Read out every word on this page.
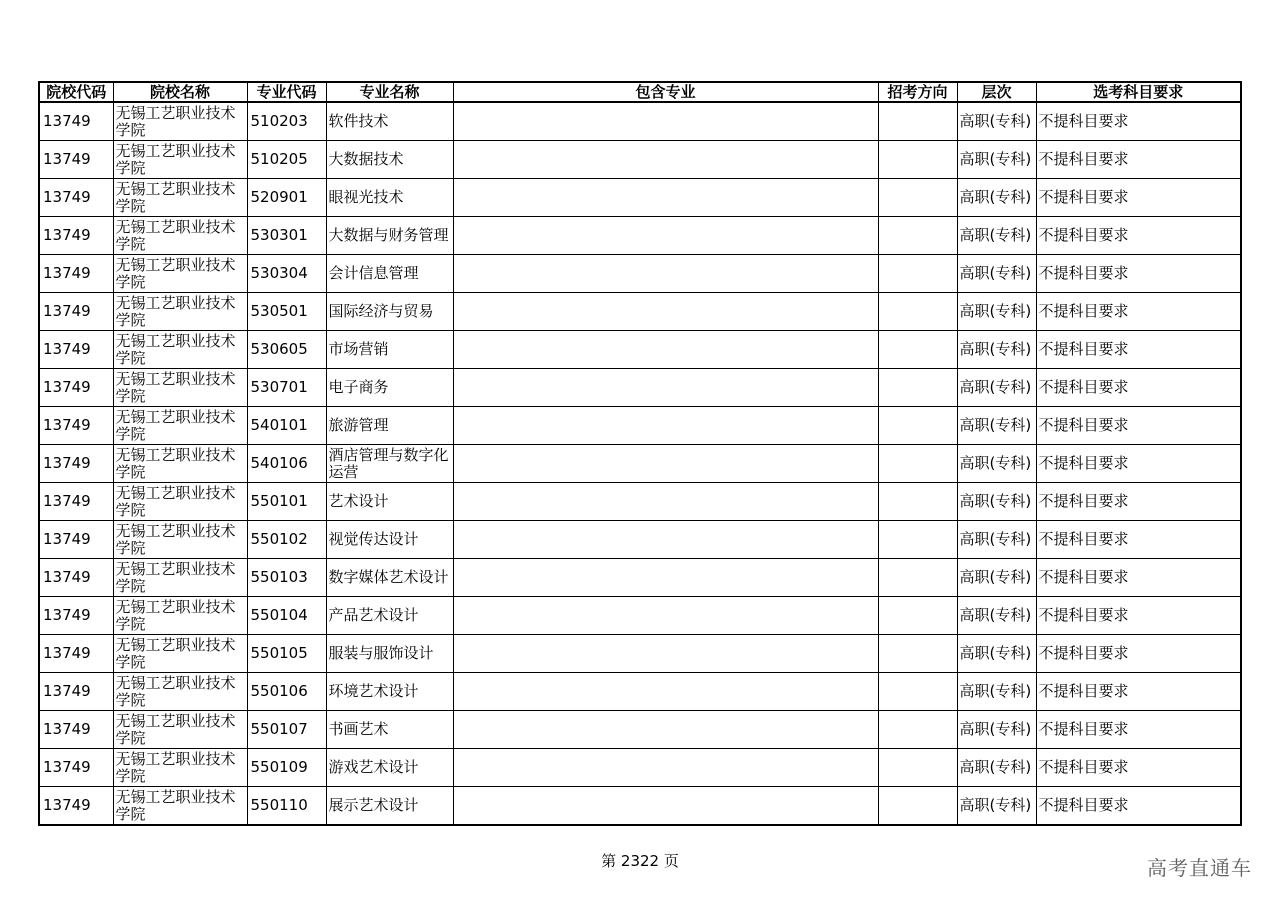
院校代码	院校名称	专业代码	专业名称	包含专业	招考方向	层次	选考科目要求
13749	无锡工艺职业技术学院	510203	软件技术			高职(专科)	不提科目要求
13749	无锡工艺职业技术学院	510205	大数据技术			高职(专科)	不提科目要求
13749	无锡工艺职业技术学院	520901	眼视光技术			高职(专科)	不提科目要求
13749	无锡工艺职业技术学院	530301	大数据与财务管理			高职(专科)	不提科目要求
13749	无锡工艺职业技术学院	530304	会计信息管理			高职(专科)	不提科目要求
13749	无锡工艺职业技术学院	530501	国际经济与贸易			高职(专科)	不提科目要求
13749	无锡工艺职业技术学院	530605	市场营销			高职(专科)	不提科目要求
13749	无锡工艺职业技术学院	530701	电子商务			高职(专科)	不提科目要求
13749	无锡工艺职业技术学院	540101	旅游管理			高职(专科)	不提科目要求
13749	无锡工艺职业技术学院	540106	酒店管理与数字化运营			高职(专科)	不提科目要求
13749	无锡工艺职业技术学院	550101	艺术设计			高职(专科)	不提科目要求
13749	无锡工艺职业技术学院	550102	视觉传达设计			高职(专科)	不提科目要求
13749	无锡工艺职业技术学院	550103	数字媒体艺术设计			高职(专科)	不提科目要求
13749	无锡工艺职业技术学院	550104	产品艺术设计			高职(专科)	不提科目要求
13749	无锡工艺职业技术学院	550105	服装与服饰设计			高职(专科)	不提科目要求
13749	无锡工艺职业技术学院	550106	环境艺术设计			高职(专科)	不提科目要求
13749	无锡工艺职业技术学院	550107	书画艺术			高职(专科)	不提科目要求
13749	无锡工艺职业技术学院	550109	游戏艺术设计			高职(专科)	不提科目要求
13749	无锡工艺职业技术学院	550110	展示艺术设计			高职(专科)	不提科目要求
第 2322 页	高考直通车
